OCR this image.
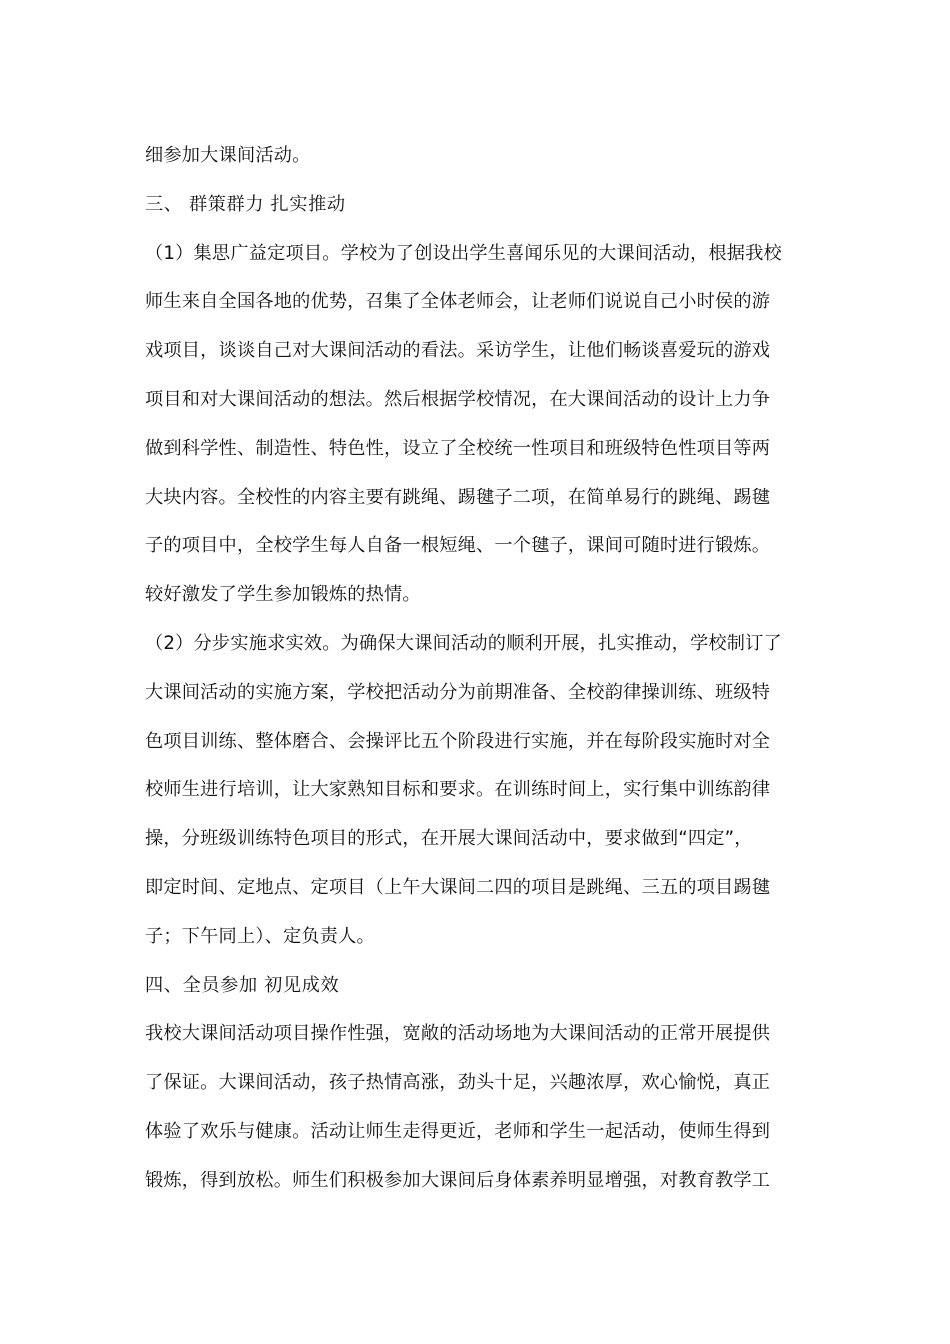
细参加大课间活动。
三、 群策群力 扎实推动
（1）集思广益定项目。学校为了创设出学生喜闻乐见的大课间活动，根据我校
师生来自全国各地的优势，召集了全体老师会，让老师们说说自己小时侯的游
戏项目，谈谈自己对大课间活动的看法。采访学生，让他们畅谈喜爱玩的游戏
项目和对大课间活动的想法。然后根据学校情况，在大课间活动的设计上力争
做到科学性、制造性、特色性，设立了全校统一性项目和班级特色性项目等两
大块内容。全校性的内容主要有跳绳、踢毽子二项，在简单易行的跳绳、踢毽
子的项目中，全校学生每人自备一根短绳、一个毽子，课间可随时进行锻炼。
较好激发了学生参加锻炼的热情。
（2）分步实施求实效。为确保大课间活动的顺利开展，扎实推动，学校制订了
大课间活动的实施方案，学校把活动分为前期准备、全校韵律操训练、班级特
色项目训练、整体磨合、会操评比五个阶段进行实施，并在每阶段实施时对全
校师生进行培训，让大家熟知目标和要求。在训练时间上，实行集中训练韵律
操，分班级训练特色项目的形式，在开展大课间活动中，要求做到“四定”，
即定时间、定地点、定项目（上午大课间二四的项目是跳绳、三五的项目踢毽
子；下午同上）、定负责人。
四、全员参加 初见成效
我校大课间活动项目操作性强，宽敞的活动场地为大课间活动的正常开展提供
了保证。大课间活动，孩子热情高涨，劲头十足，兴趣浓厚，欢心愉悦，真正
体验了欢乐与健康。活动让师生走得更近，老师和学生一起活动，使师生得到
锻炼，得到放松。师生们积极参加大课间后身体素养明显增强，对教育教学工
